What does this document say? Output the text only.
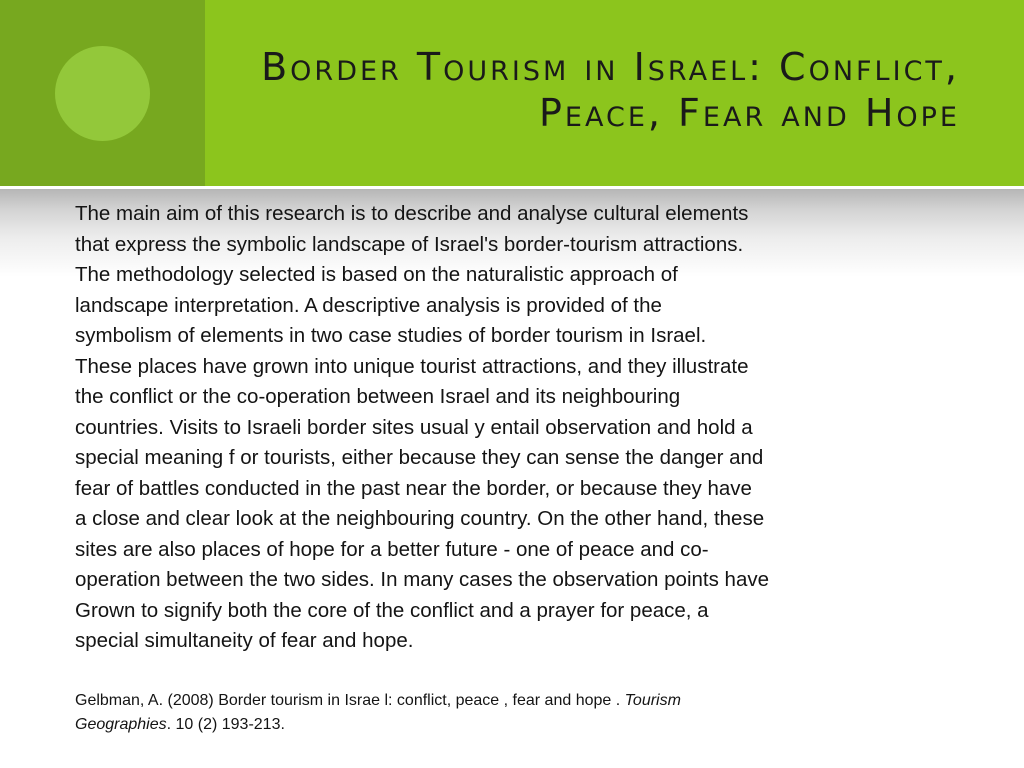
Border Tourism in Israel: Conflict,
Peace, Fear and Hope
The main aim of this research is to describe and analyse cultural elements
that express the symbolic landscape of Israel's border-tourism attractions.
The methodology selected is based on the naturalistic approach of
landscape interpretation. A descriptive analysis is provided of the
symbolism of elements in two case studies of border tourism in Israel.
These places have grown into unique tourist attractions, and they illustrate
the conflict or the co-operation between Israel and its neighbouring
countries. Visits to Israeli border sites usual y entail observation and hold a
special meaning f or tourists, either because they can sense the danger and
fear of battles conducted in the past near the border, or because they have
a close and clear look at the neighbouring country. On the other hand, these
sites are also places of hope for a better future - one of peace and co-
operation between the two sides. In many cases the observation points have
Grown to signify both the core of the conflict and a prayer for peace, a
special simultaneity of fear and hope.
Gelbman, A. (2008) Border tourism in Israe l: conflict, peace , fear and hope . Tourism
Geographies. 10 (2) 193-213.
